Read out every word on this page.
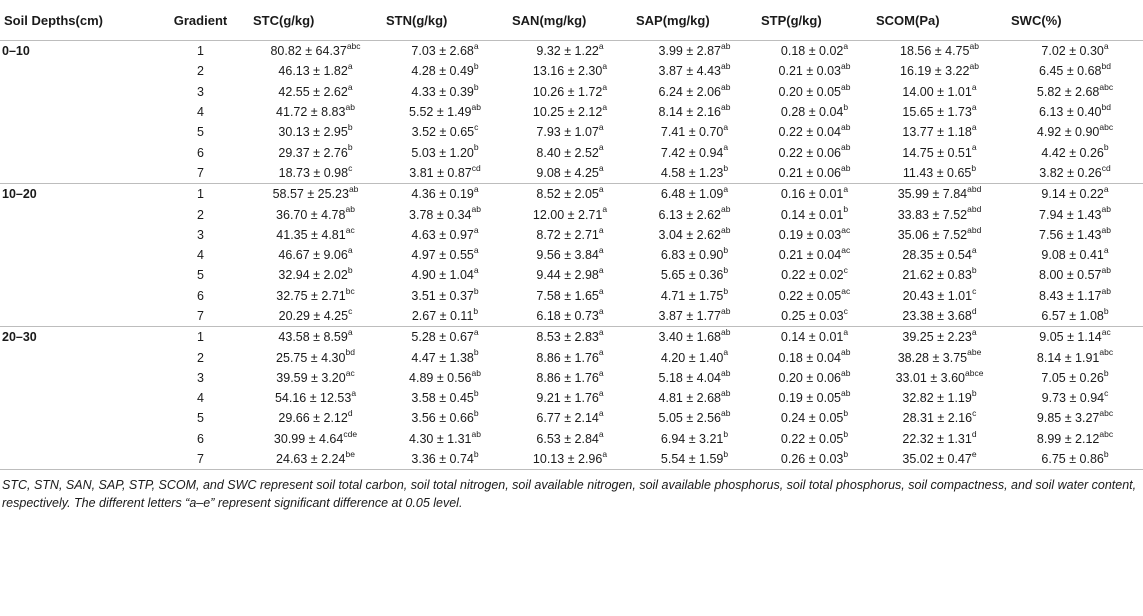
Soil Depths(cm)	Gradient	STC(g/kg)	STN(g/kg)	SAN(mg/kg)	SAP(mg/kg)	STP(g/kg)	SCOM(Pa)	SWC(%)
0–10	1	80.82 ± 64.37$^{abc}$	7.03 ± 2.68$^a$	9.32 ± 1.22$^a$	3.99 ± 2.87$^{ab}$	0.18 ± 0.02$^a$	18.56 ± 4.75$^{ab}$	7.02 ± 0.30$^a$
	2	46.13 ± 1.82$^a$	4.28 ± 0.49$^b$	13.16 ± 2.30$^a$	3.87 ± 4.43$^{ab}$	0.21 ± 0.03$^{ab}$	16.19 ± 3.22$^{ab}$	6.45 ± 0.68$^{bd}$
	3	42.55 ± 2.62$^a$	4.33 ± 0.39$^b$	10.26 ± 1.72$^a$	6.24 ± 2.06$^{ab}$	0.20 ± 0.05$^{ab}$	14.00 ± 1.01$^a$	5.82 ± 2.68$^{abc}$
	4	41.72 ± 8.83$^{ab}$	5.52 ± 1.49$^{ab}$	10.25 ± 2.12$^a$	8.14 ± 2.16$^{ab}$	0.28 ± 0.04$^b$	15.65 ± 1.73$^a$	6.13 ± 0.40$^{bd}$
	5	30.13 ± 2.95$^b$	3.52 ± 0.65$^c$	7.93 ± 1.07$^a$	7.41 ± 0.70$^a$	0.22 ± 0.04$^{ab}$	13.77 ± 1.18$^a$	4.92 ± 0.90$^{abc}$
	6	29.37 ± 2.76$^b$	5.03 ± 1.20$^b$	8.40 ± 2.52$^a$	7.42 ± 0.94$^a$	0.22 ± 0.06$^{ab}$	14.75 ± 0.51$^a$	4.42 ± 0.26$^b$
	7	18.73 ± 0.98$^c$	3.81 ± 0.87$^{cd}$	9.08 ± 4.25$^a$	4.58 ± 1.23$^b$	0.21 ± 0.06$^{ab}$	11.43 ± 0.65$^b$	3.82 ± 0.26$^{cd}$
10–20	1	58.57 ± 25.23$^{ab}$	4.36 ± 0.19$^a$	8.52 ± 2.05$^a$	6.48 ± 1.09$^a$	0.16 ± 0.01$^a$	35.99 ± 7.84$^{abd}$	9.14 ± 0.22$^a$
	2	36.70 ± 4.78$^{ab}$	3.78 ± 0.34$^{ab}$	12.00 ± 2.71$^a$	6.13 ± 2.62$^{ab}$	0.14 ± 0.01$^b$	33.83 ± 7.52$^{abd}$	7.94 ± 1.43$^{ab}$
	3	41.35 ± 4.81$^{ac}$	4.63 ± 0.97$^a$	8.72 ± 2.71$^a$	3.04 ± 2.62$^{ab}$	0.19 ± 0.03$^{ac}$	35.06 ± 7.52$^{abd}$	7.56 ± 1.43$^{ab}$
	4	46.67 ± 9.06$^a$	4.97 ± 0.55$^a$	9.56 ± 3.84$^a$	6.83 ± 0.90$^b$	0.21 ± 0.04$^{ac}$	28.35 ± 0.54$^a$	9.08 ± 0.41$^a$
	5	32.94 ± 2.02$^b$	4.90 ± 1.04$^a$	9.44 ± 2.98$^a$	5.65 ± 0.36$^b$	0.22 ± 0.02$^c$	21.62 ± 0.83$^b$	8.00 ± 0.57$^{ab}$
	6	32.75 ± 2.71$^{bc}$	3.51 ± 0.37$^b$	7.58 ± 1.65$^a$	4.71 ± 1.75$^b$	0.22 ± 0.05$^{ac}$	20.43 ± 1.01$^c$	8.43 ± 1.17$^{ab}$
	7	20.29 ± 4.25$^c$	2.67 ± 0.11$^b$	6.18 ± 0.73$^a$	3.87 ± 1.77$^{ab}$	0.25 ± 0.03$^c$	23.38 ± 3.68$^d$	6.57 ± 1.08$^b$
20–30	1	43.58 ± 8.59$^a$	5.28 ± 0.67$^a$	8.53 ± 2.83$^a$	3.40 ± 1.68$^{ab}$	0.14 ± 0.01$^a$	39.25 ± 2.23$^a$	9.05 ± 1.14$^{ac}$
	2	25.75 ± 4.30$^{bd}$	4.47 ± 1.38$^b$	8.86 ± 1.76$^a$	4.20 ± 1.40$^a$	0.18 ± 0.04$^{ab}$	38.28 ± 3.75$^{abe}$	8.14 ± 1.91$^{abc}$
	3	39.59 ± 3.20$^{ac}$	4.89 ± 0.56$^{ab}$	8.86 ± 1.76$^a$	5.18 ± 4.04$^{ab}$	0.20 ± 0.06$^{ab}$	$33.01 \pm 3.60^{abce}$	7.05 ± 0.26$^b$
	4	54.16 ± 12.53$^a$	3.58 ± 0.45$^b$	9.21 ± 1.76$^a$	4.81 ± 2.68$^{ab}$	0.19 ± 0.05$^{ab}$	32.82 ± 1.19$^b$	9.73 ± 0.94$^c$
	5	29.66 ± 2.12$^d$	3.56 ± 0.66$^b$	6.77 ± 2.14$^a$	5.05 ± 2.56$^{ab}$	0.24 ± 0.05$^b$	28.31 ± 2.16$^c$	9.85 ± 3.27$^{abc}$
	6	30.99 ± 4.64$^{cde}$	4.30 ± 1.31$^{ab}$	6.53 ± 2.84$^a$	6.94 ± 3.21$^b$	0.22 ± 0.05$^b$	22.32 ± 1.31$^d$	8.99 ± 2.12$^{abc}$
	7	24.63 ± 2.24$^{be}$	3.36 ± 0.74$^b$	10.13 ± 2.96$^a$	5.54 ± 1.59$^b$	0.26 ± 0.03$^b$	35.02 ± 0.47$^e$	6.75 ± 0.86$^b$
STC, STN, SAN, SAP, STP, SCOM, and SWC represent soil total carbon, soil total nitrogen, soil available nitrogen, soil available phosphorus, soil total phosphorus, soil compactness, and soil water content, respectively. The different letters “a–e” represent significant difference at 0.05 level.
